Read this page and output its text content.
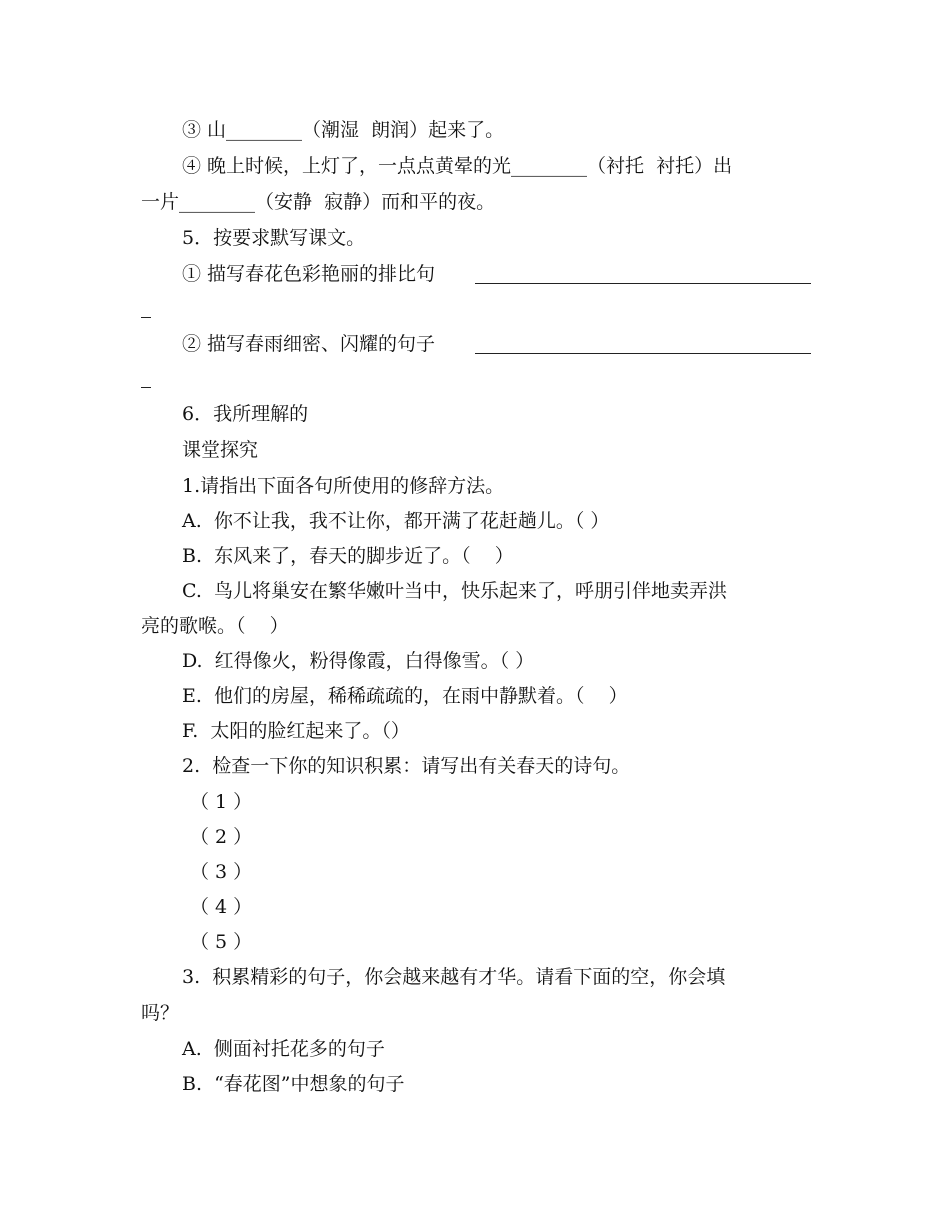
③ 山________（潮湿  朗润）起来了。
④ 晚上时候，上灯了，一点点黄晕的光________（衬托  衬托）出
一片________（安静  寂静）而和平的夜。
5．按要求默写课文。
① 描写春花色彩艳丽的排比句
② 描写春雨细密、闪耀的句子
6．我所理解的
课堂探究
1.请指出下面各句所使用的修辞方法。
A.  你不让我，我不让你，都开满了花赶趟儿。（ ）
B.  东风来了，春天的脚步近了。（    ）
C.  鸟儿将巢安在繁华嫩叶当中，快乐起来了，呼朋引伴地卖弄洪
亮的歌喉。（    ）
D.  红得像火，粉得像霞，白得像雪。（ ）
E.  他们的房屋，稀稀疏疏的，在雨中静默着。（    ）
F.  太阳的脸红起来了。（）
2.  检查一下你的知识积累：请写出有关春天的诗句。
（ 1 ）
（ 2 ）
（ 3 ）
（ 4 ）
（ 5 ）
3.  积累精彩的句子，你会越来越有才华。请看下面的空，你会填
吗？
A.  侧面衬托花多的句子
B.  “春花图”中想象的句子
